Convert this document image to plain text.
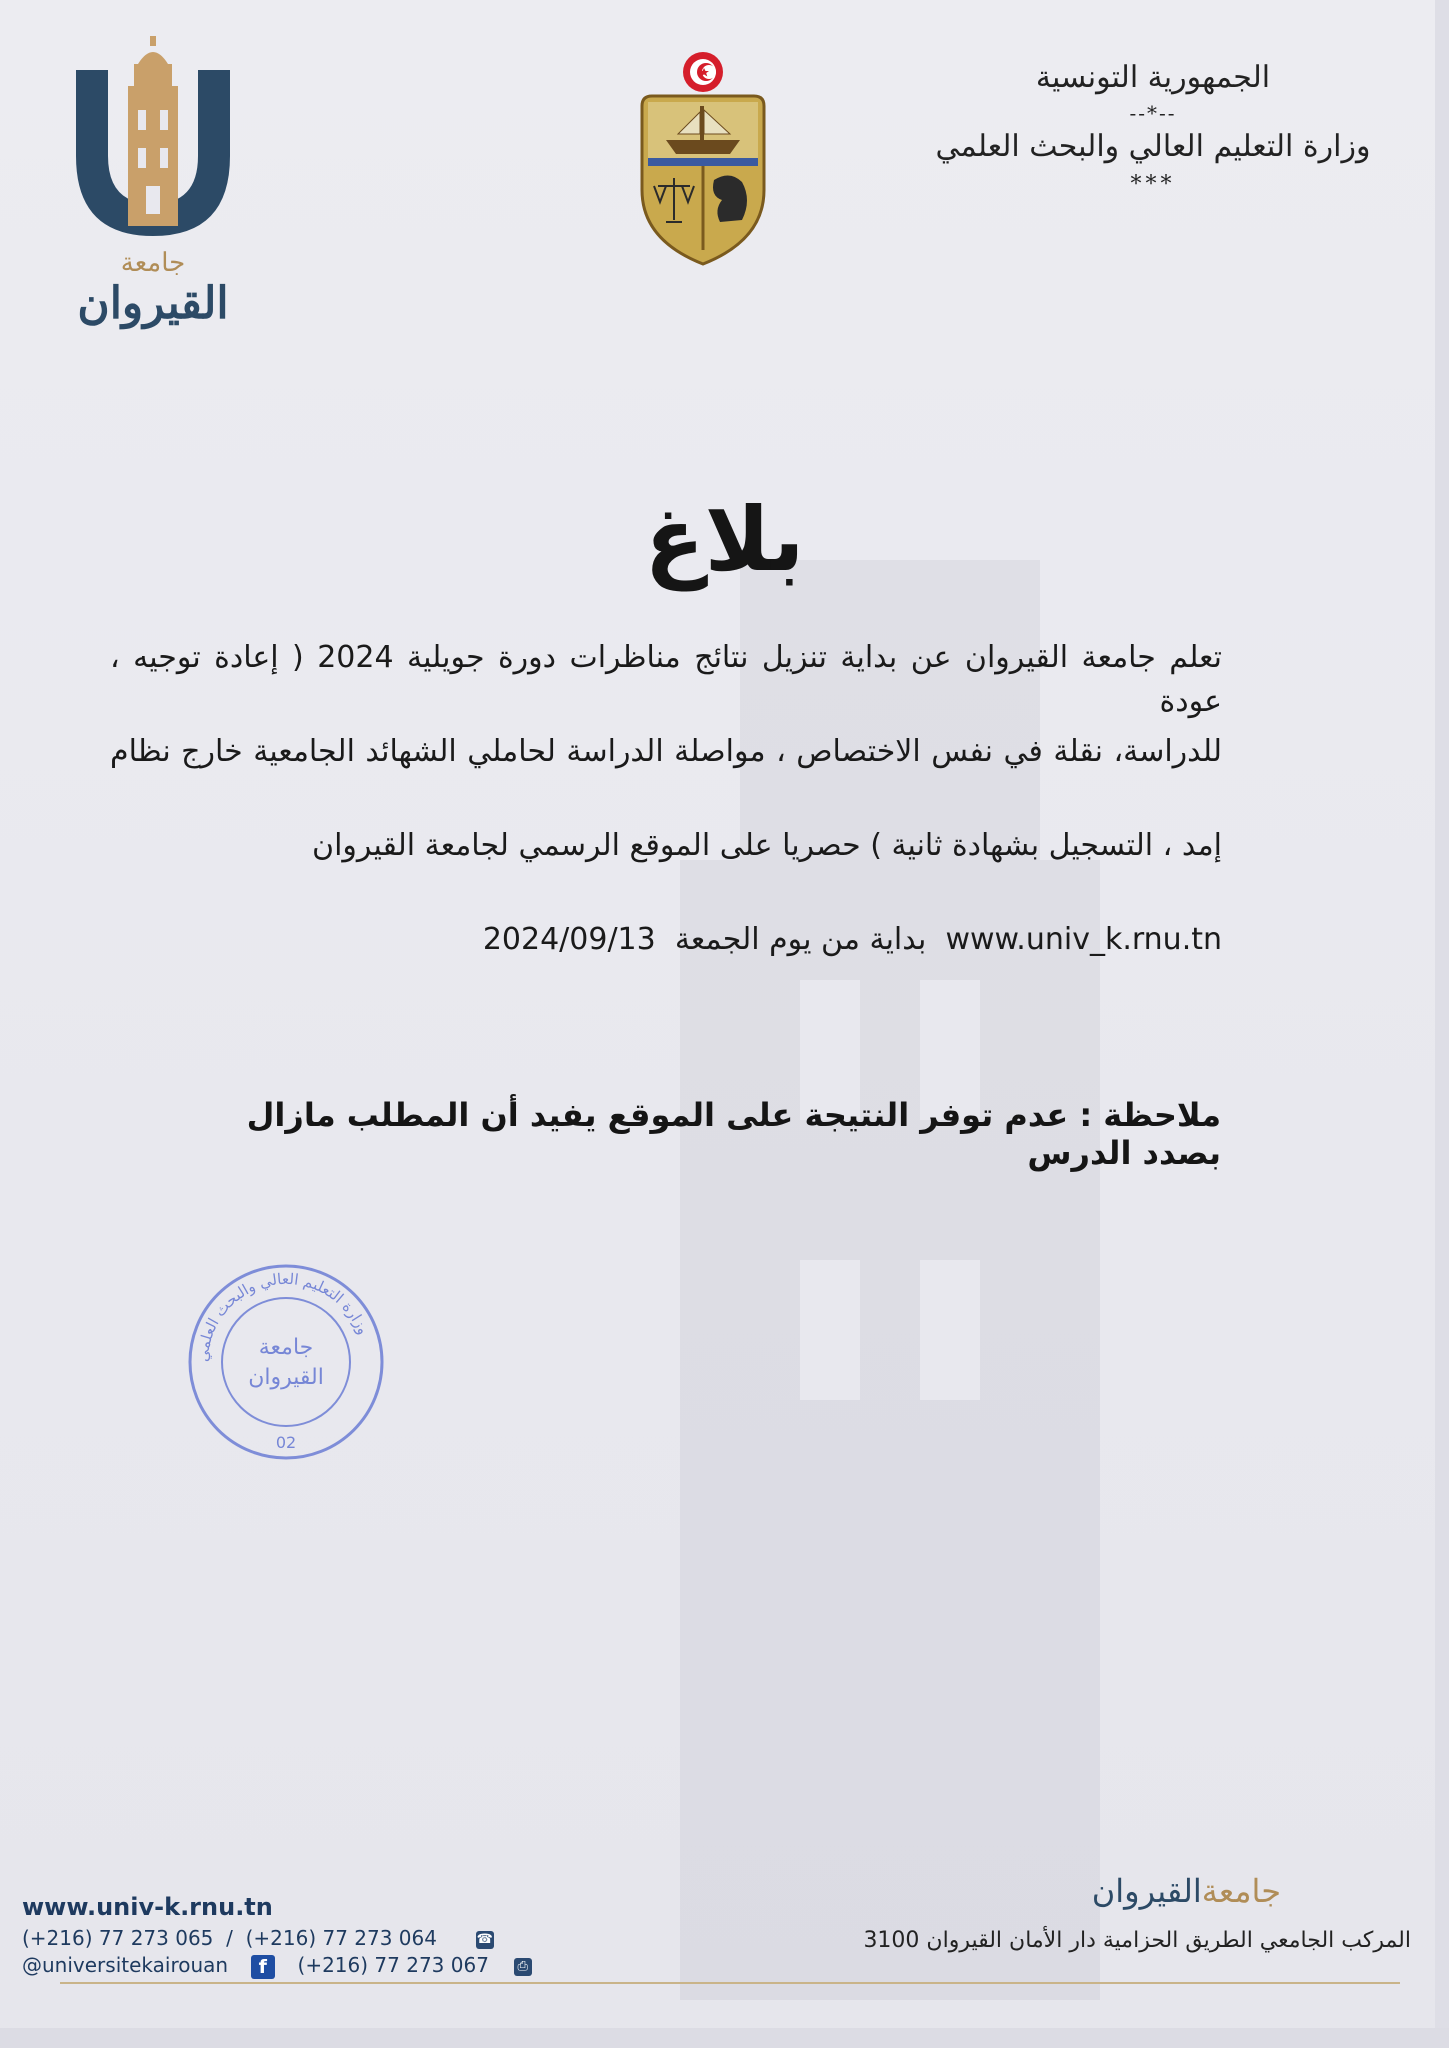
جامعة
القيروان
الجمهورية التونسية
--*--
وزارة التعليم العالي والبحث العلمي
***
بلاغ

تعلم جامعة القيروان عن بداية تنزيل نتائج مناظرات دورة جويلية 2024 ( إعادة توجيه ، عودة

للدراسة، نقلة في نفس الاختصاص ، مواصلة الدراسة لحاملي الشهائد الجامعية خارج نظام

إمد ، التسجيل بشهادة ثانية ) حصريا على الموقع الرسمي لجامعة القيروان

www.univ_k.rnu.tn  بداية من يوم الجمعة  2024/09/13

ملاحظة : عدم توفر النتيجة على الموقع يفيد أن المطلب مازال بصدد الدرس
وزارة التعليم العالي والبحث العلمي
جامعة
القيروان
02
www.univ-k.rnu.tn
(+216) 77 273 065  /  (+216) 77 273 064	☎
@universitekairouan f (+216) 77 273 067 ⎙
جامعةالقيروان
المركب الجامعي الطريق الحزامية دار الأمان القيروان 3100
